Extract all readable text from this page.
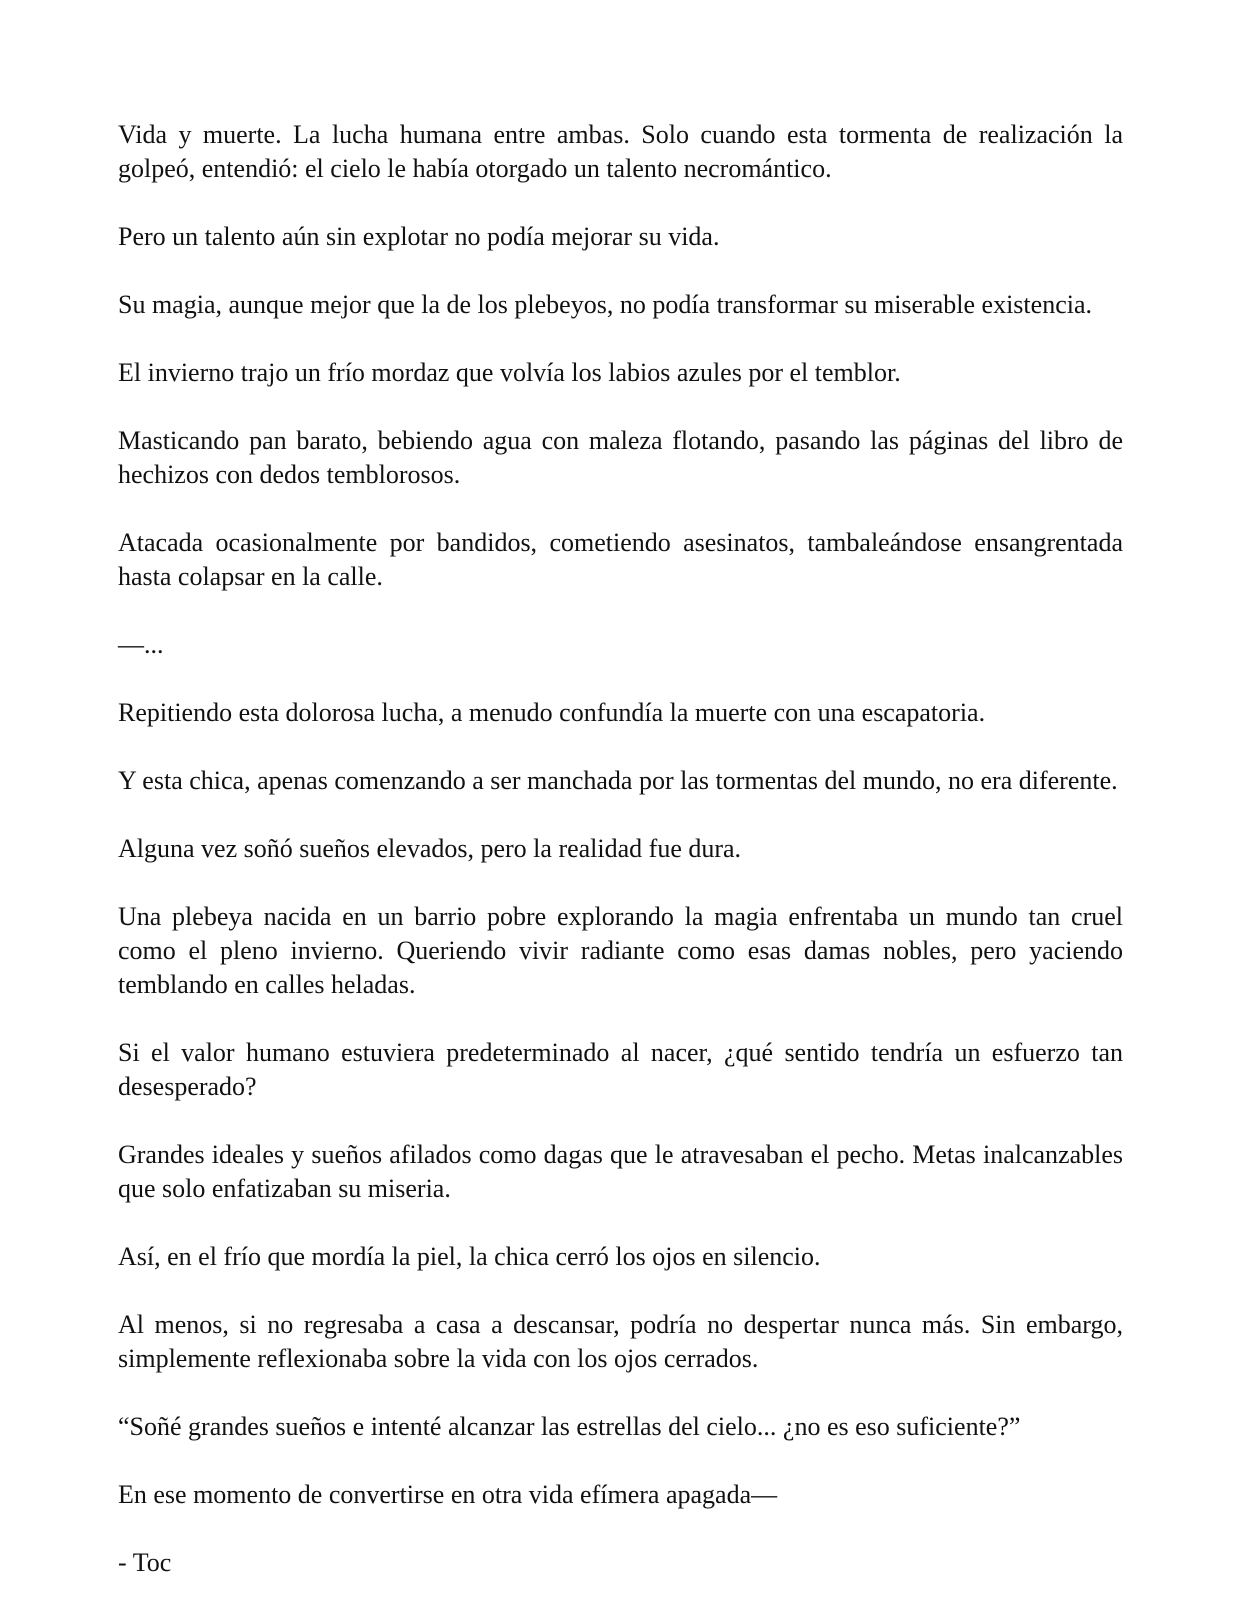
Vida y muerte. La lucha humana entre ambas. Solo cuando esta tormenta de realización la golpeó, entendió: el cielo le había otorgado un talento necromántico.

Pero un talento aún sin explotar no podía mejorar su vida.

Su magia, aunque mejor que la de los plebeyos, no podía transformar su miserable existencia.

El invierno trajo un frío mordaz que volvía los labios azules por el temblor.

Masticando pan barato, bebiendo agua con maleza flotando, pasando las páginas del libro de hechizos con dedos temblorosos.

Atacada ocasionalmente por bandidos, cometiendo asesinatos, tambaleándose ensangrentada hasta colapsar en la calle.

—...

Repitiendo esta dolorosa lucha, a menudo confundía la muerte con una escapatoria.

Y esta chica, apenas comenzando a ser manchada por las tormentas del mundo, no era diferente.

Alguna vez soñó sueños elevados, pero la realidad fue dura.

Una plebeya nacida en un barrio pobre explorando la magia enfrentaba un mundo tan cruel como el pleno invierno. Queriendo vivir radiante como esas damas nobles, pero yaciendo temblando en calles heladas.

Si el valor humano estuviera predeterminado al nacer, ¿qué sentido tendría un esfuerzo tan desesperado?

Grandes ideales y sueños afilados como dagas que le atravesaban el pecho. Metas inalcanzables que solo enfatizaban su miseria.

Así, en el frío que mordía la piel, la chica cerró los ojos en silencio.

Al menos, si no regresaba a casa a descansar, podría no despertar nunca más. Sin embargo, simplemente reflexionaba sobre la vida con los ojos cerrados.

“Soñé grandes sueños e intenté alcanzar las estrellas del cielo... ¿no es eso suficiente?”

En ese momento de convertirse en otra vida efímera apagada—

- Toc
